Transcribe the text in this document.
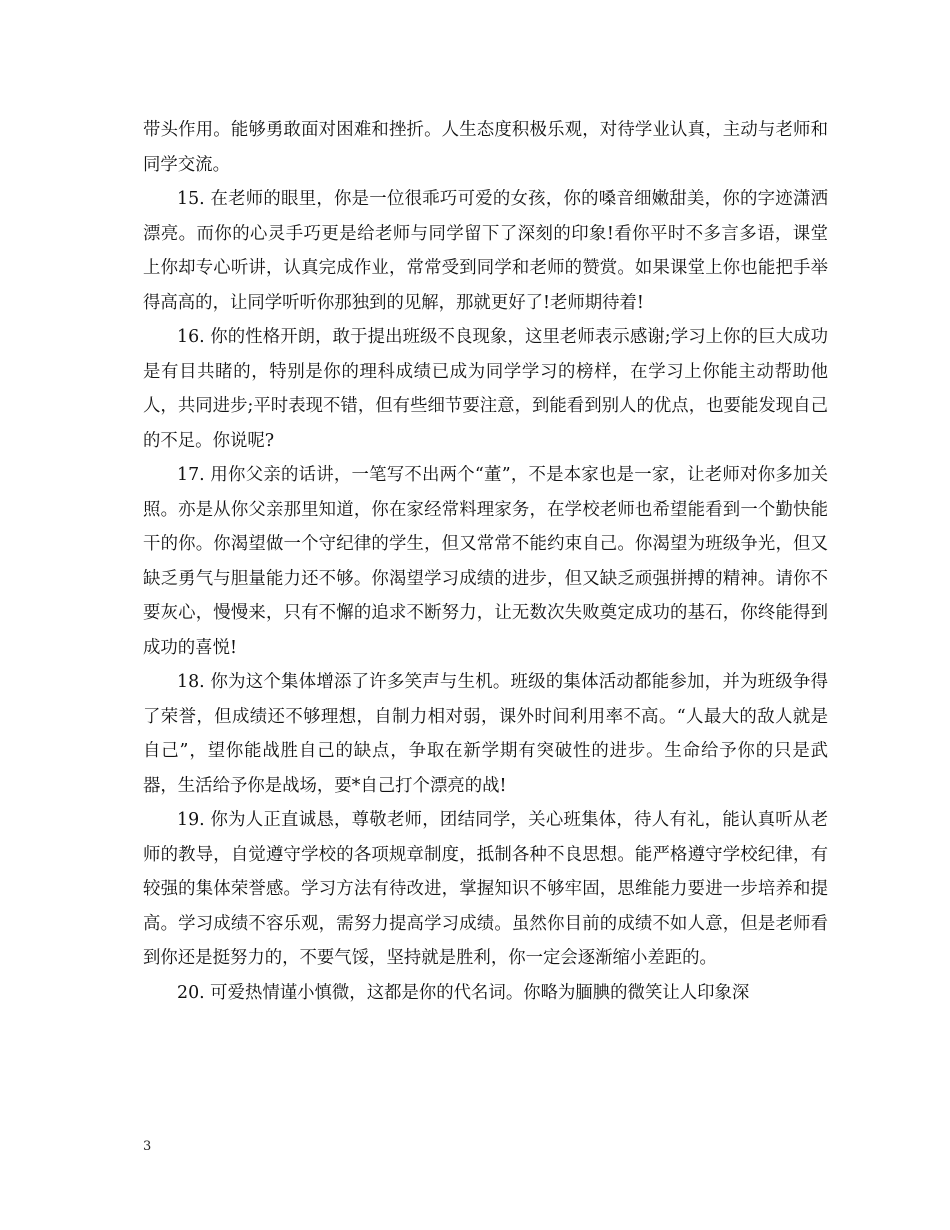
带头作用。能够勇敢面对困难和挫折。人生态度积极乐观，对待学业认真，主动与老师和同学交流。

15. 在老师的眼里，你是一位很乖巧可爱的女孩，你的嗓音细嫩甜美，你的字迹潇洒漂亮。而你的心灵手巧更是给老师与同学留下了深刻的印象!看你平时不多言多语，课堂上你却专心听讲，认真完成作业，常常受到同学和老师的赞赏。如果课堂上你也能把手举得高高的，让同学听听你那独到的见解，那就更好了!老师期待着!

16. 你的性格开朗，敢于提出班级不良现象，这里老师表示感谢;学习上你的巨大成功是有目共睹的，特别是你的理科成绩已成为同学学习的榜样，在学习上你能主动帮助他人，共同进步;平时表现不错，但有些细节要注意，到能看到别人的优点，也要能发现自己的不足。你说呢?

17. 用你父亲的话讲，一笔写不出两个“董”，不是本家也是一家，让老师对你多加关照。亦是从你父亲那里知道，你在家经常料理家务，在学校老师也希望能看到一个勤快能干的你。你渴望做一个守纪律的学生，但又常常不能约束自己。你渴望为班级争光，但又缺乏勇气与胆量能力还不够。你渴望学习成绩的进步，但又缺乏顽强拼搏的精神。请你不要灰心，慢慢来，只有不懈的追求不断努力，让无数次失败奠定成功的基石，你终能得到成功的喜悦!

18. 你为这个集体增添了许多笑声与生机。班级的集体活动都能参加，并为班级争得了荣誉，但成绩还不够理想，自制力相对弱，课外时间利用率不高。“人最大的敌人就是自己”，望你能战胜自己的缺点，争取在新学期有突破性的进步。生命给予你的只是武器，生活给予你是战场，要*自己打个漂亮的战!

19. 你为人正直诚恳，尊敬老师，团结同学，关心班集体，待人有礼，能认真听从老师的教导，自觉遵守学校的各项规章制度，抵制各种不良思想。能严格遵守学校纪律，有较强的集体荣誉感。学习方法有待改进，掌握知识不够牢固，思维能力要进一步培养和提高。学习成绩不容乐观，需努力提高学习成绩。虽然你目前的成绩不如人意，但是老师看到你还是挺努力的，不要气馁，坚持就是胜利，你一定会逐渐缩小差距的。

20. 可爱热情谨小慎微，这都是你的代名词。你略为腼腆的微笑让人印象深

3
